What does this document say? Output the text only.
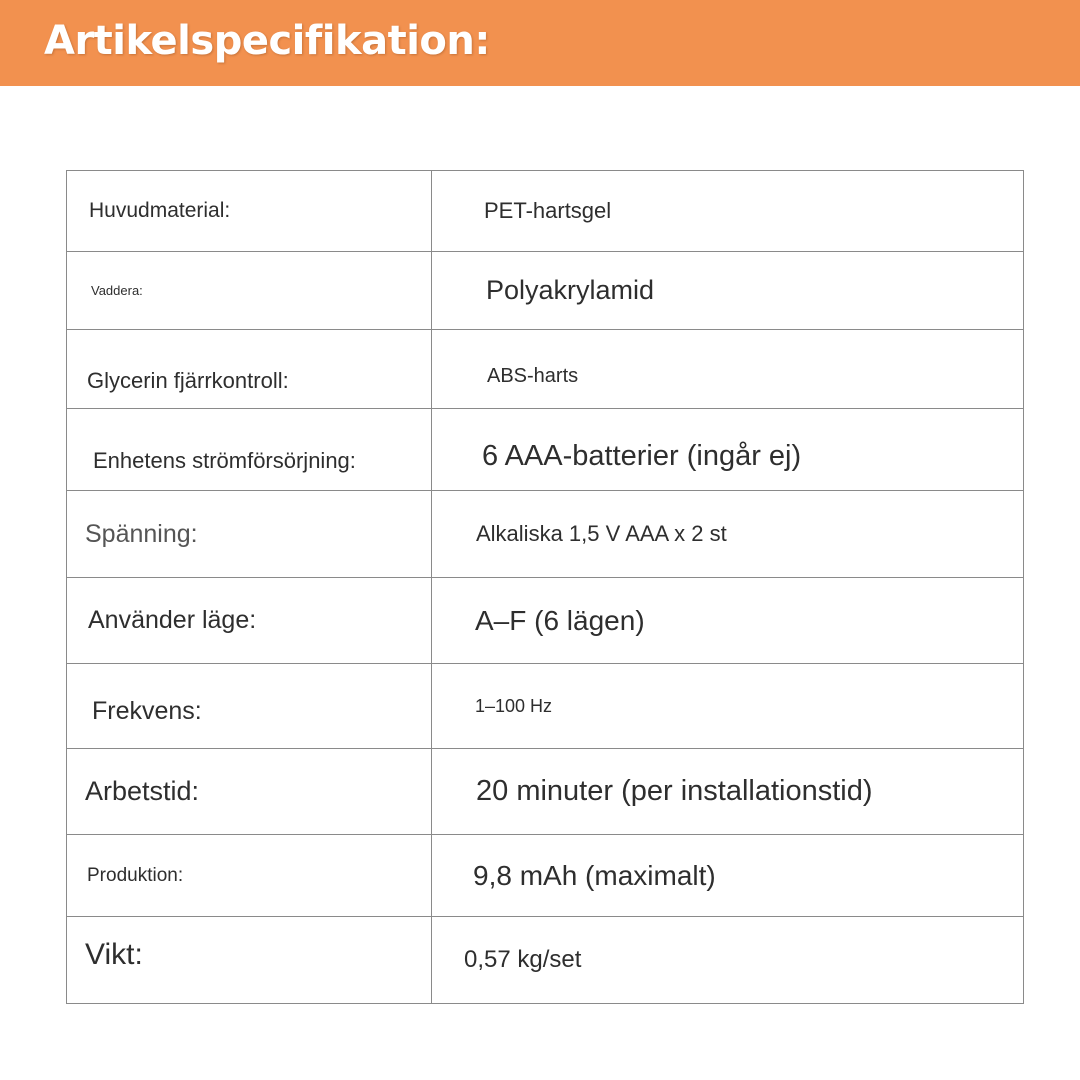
Artikelspecifikation:
Huvudmaterial:	PET-hartsgel
Vaddera:	Polyakrylamid
Glycerin fjärrkontroll:	ABS-harts
Enhetens strömförsörjning:	6 AAA-batterier (ingår ej)
Spänning:	Alkaliska 1,5 V AAA x 2 st
Använder läge:	A–F (6 lägen)
Frekvens:	1–100 Hz
Arbetstid:	20 minuter (per installationstid)
Produktion:	9,8 mAh (maximalt)
Vikt:	0,57 kg/set
